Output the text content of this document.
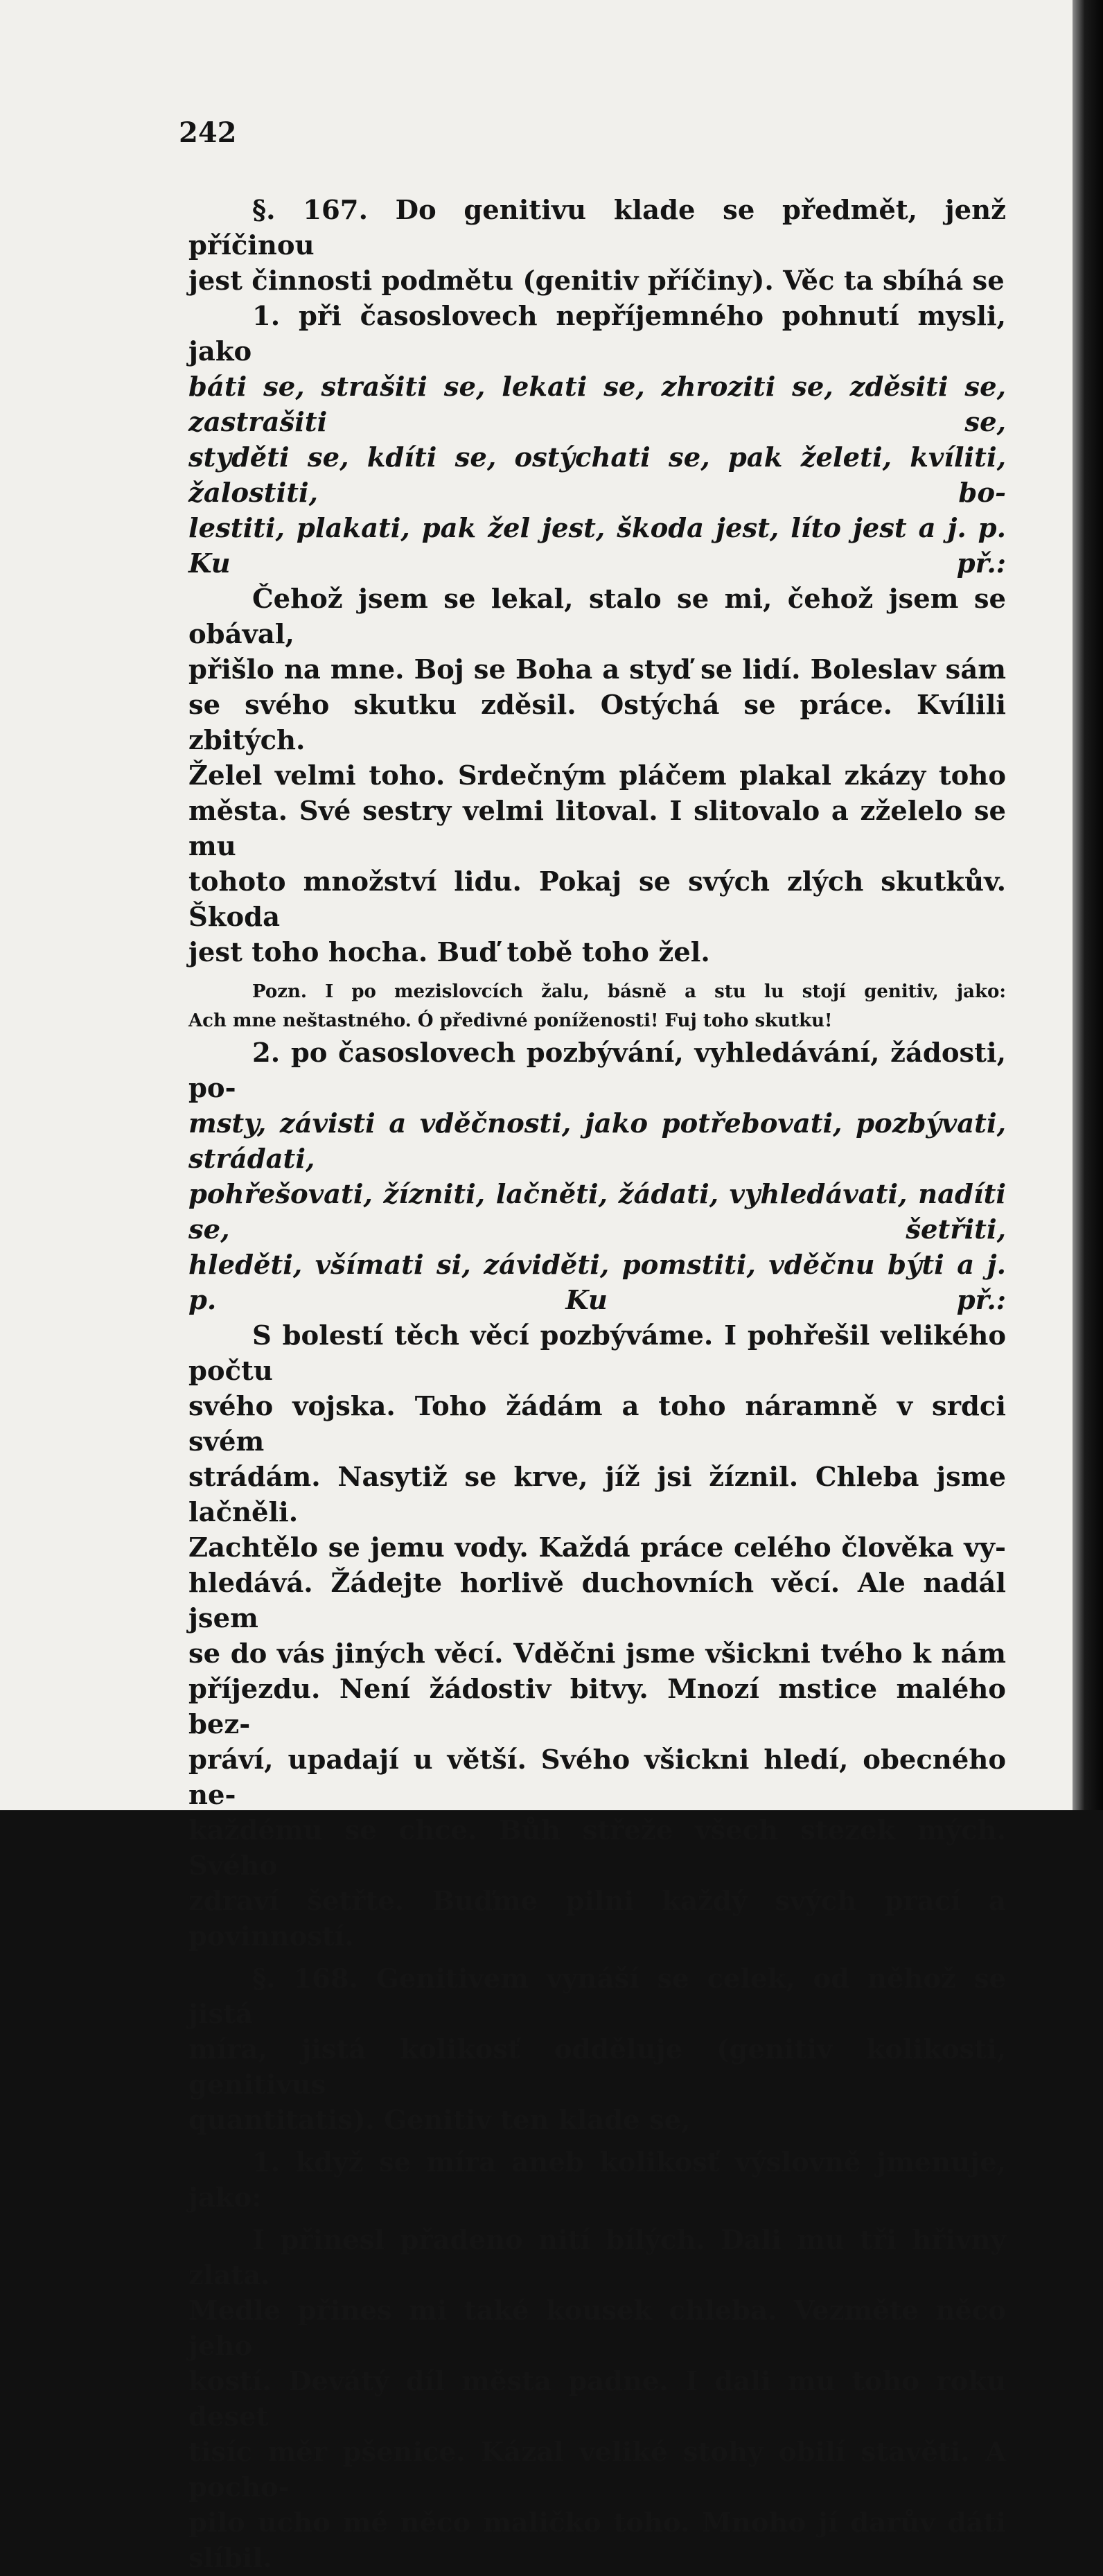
242

§. 167. Do genitivu klade se předmět, jenž příčinou

jest činnosti podmětu (genitiv příčiny). Věc ta sbíhá se

1. při časoslovech nepříjemného pohnutí mysli, jako

báti se, strašiti se, lekati se, zhroziti se, zděsiti se, zastrašiti se,

styděti se, kdíti se, ostýchati se, pak želeti, kvíliti, žalostiti, bo-

lestiti, plakati, pak žel jest, škoda jest, líto jest a j. p. Ku př.:

Čehož jsem se lekal, stalo se mi, čehož jsem se obával,

přišlo na mne. Boj se Boha a styď se lidí. Boleslav sám

se svého skutku zděsil. Ostýchá se práce. Kvílili zbitých.

Želel velmi toho. Srdečným pláčem plakal zkázy toho

města. Své sestry velmi litoval. I slitovalo a zželelo se mu

tohoto množství lidu. Pokaj se svých zlých skutkův. Škoda

jest toho hocha. Buď tobě toho žel.

Pozn. I po mezislovcích žalu, básně a stu lu stojí genitiv, jako:

Ach mne neštastného. Ó předivné poníženosti! Fuj toho skutku!

2. po časoslovech pozbývání, vyhledávání, žádosti, po-

msty, závisti a vděčnosti, jako potřebovati, pozbývati, strádati,

pohřešovati, žízniti, lačněti, žádati, vyhledávati, nadíti se, šetřiti,

hleděti, všímati si, záviděti, pomstiti, vděčnu býti a j. p. Ku př.:

S bolestí těch věcí pozbýváme. I pohřešil velikého počtu

svého vojska. Toho žádám a toho náramně v srdci svém

strádám. Nasytiž se krve, jíž jsi žíznil. Chleba jsme lačněli.

Zachtělo se jemu vody. Každá práce celého člověka vy-

hledává. Žádejte horlivě duchovních věcí. Ale nadál jsem

se do vás jiných věcí. Vděčni jsme všickni tvého k nám

příjezdu. Není žádostiv bitvy. Mnozí mstice malého bez-

práví, upadají u větší. Svého všickni hledí, obecného ne-

každému se chce. Bůh střeže všech stezek mých. Svého

zdraví šetřte. Buďme pilni každý svých prací a povinností.

§. 168. Genitivem vynáší se celek, od něhož se jistá

míra, jistá kolikosť odděluje (genitiv kolikosti, genitivus

quantitatis). Genitiv ten klade se,

1. když se míra aneb kolikosť výslovně jmenuje, jako:

I přinesl přadeno nití bílých. Dali mu tři hřivny zlata.

Medle přines mi také kousek chleba. Vezměte něco jeho

kostí. Devátý díl města padne. I dali mu toho roku deset

tisíc měr pšenice. Kázal veliké stohy obilí stavěti. A pocho-

pilo ucho mé něco maličko toho. Mnoho jí darův dáti slíbil.
